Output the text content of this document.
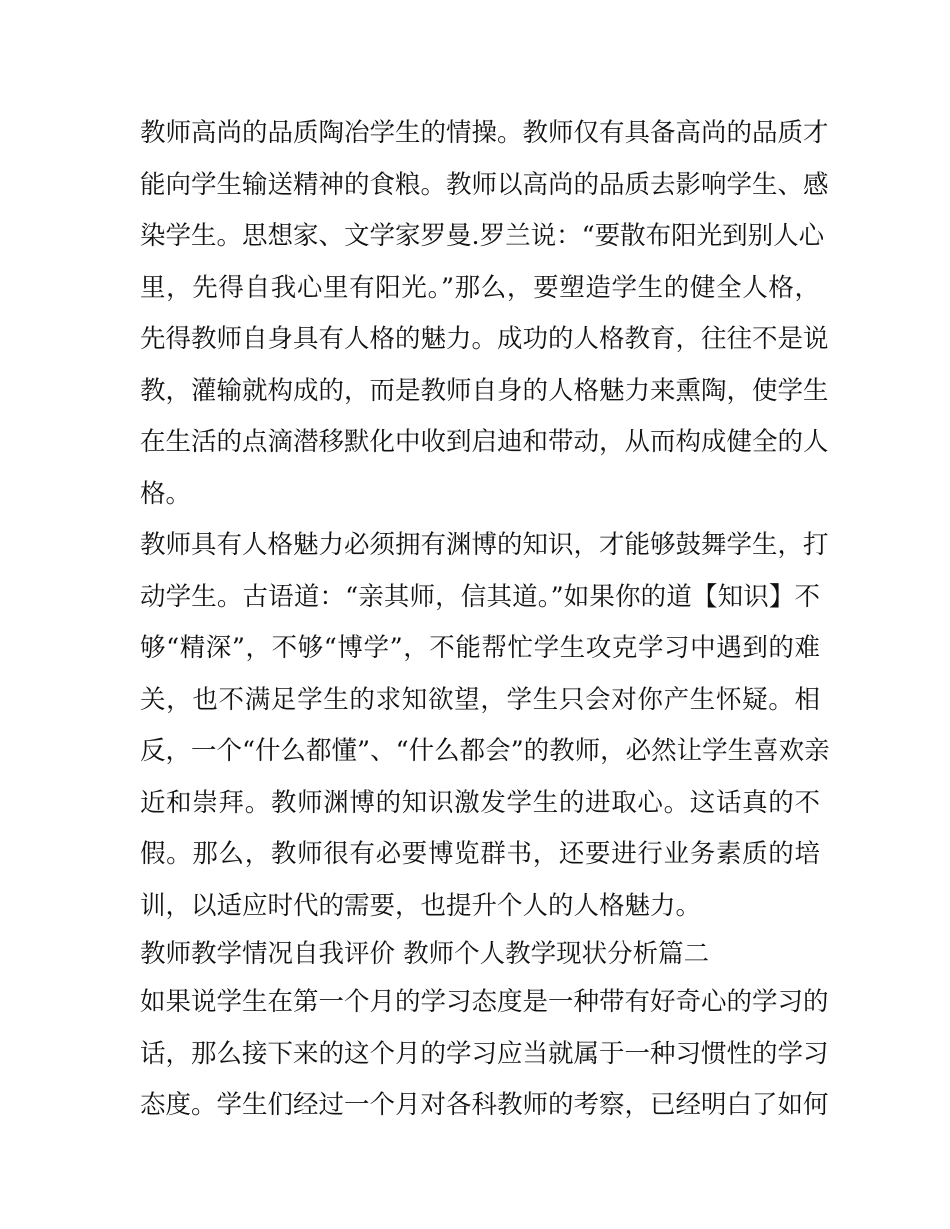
教师高尚的品质陶冶学生的情操。教师仅有具备高尚的品质才
能向学生输送精神的食粮。教师以高尚的品质去影响学生、感
染学生。思想家、文学家罗曼.罗兰说：“要散布阳光到别人心
里，先得自我心里有阳光。”那么，要塑造学生的健全人格，
先得教师自身具有人格的魅力。成功的人格教育，往往不是说
教，灌输就构成的，而是教师自身的人格魅力来熏陶，使学生
在生活的点滴潜移默化中收到启迪和带动，从而构成健全的人
格。
教师具有人格魅力必须拥有渊博的知识，才能够鼓舞学生，打
动学生。古语道：“亲其师，信其道。”如果你的道【知识】不
够“精深”，不够“博学”，不能帮忙学生攻克学习中遇到的难
关，也不满足学生的求知欲望，学生只会对你产生怀疑。相
反，一个“什么都懂”、“什么都会”的教师，必然让学生喜欢亲
近和崇拜。教师渊博的知识激发学生的进取心。这话真的不
假。那么，教师很有必要博览群书，还要进行业务素质的培
训，以适应时代的需要，也提升个人的人格魅力。
教师教学情况自我评价 教师个人教学现状分析篇二
如果说学生在第一个月的学习态度是一种带有好奇心的学习的
话，那么接下来的这个月的学习应当就属于一种习惯性的学习
态度。学生们经过一个月对各科教师的考察，已经明白了如何
